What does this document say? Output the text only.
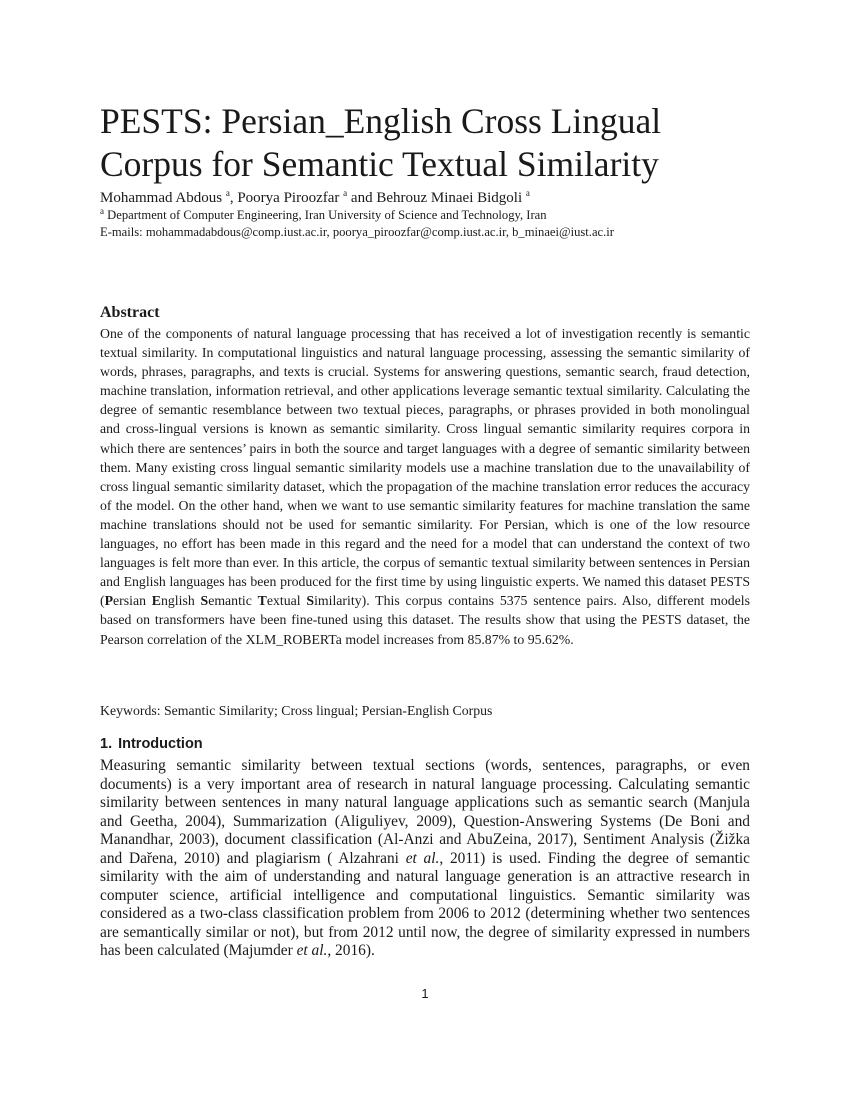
PESTS: Persian_English Cross Lingual
Corpus for Semantic Textual Similarity
Mohammad Abdous $^a$, Poorya Piroozfar $^a$ and Behrouz Minaei Bidgoli $^a$
$^a$ Department of Computer Engineering, Iran University of Science and Technology, Iran
E-mails: mohammadabdous@comp.iust.ac.ir, poorya_piroozfar@comp.iust.ac.ir, b_minaei@iust.ac.ir
Abstract

One of the components of natural language processing that has received a lot of investigation recently is semantic textual similarity. In computational linguistics and natural language processing, assessing the semantic similarity of words, phrases, paragraphs, and texts is crucial. Systems for answering questions, semantic search, fraud detection, machine translation, information retrieval, and other applications leverage semantic textual similarity. Calculating the degree of semantic resemblance between two textual pieces, paragraphs, or phrases provided in both monolingual and cross-lingual versions is known as semantic similarity. Cross lingual semantic similarity requires corpora in which there are sentences’ pairs in both the source and target languages with a degree of semantic similarity between them. Many existing cross lingual semantic similarity models use a machine translation due to the unavailability of cross lingual semantic similarity dataset, which the propagation of the machine translation error reduces the accuracy of the model. On the other hand, when we want to use semantic similarity features for machine translation the same machine translations should not be used for semantic similarity. For Persian, which is one of the low resource languages, no effort has been made in this regard and the need for a model that can understand the context of two languages is felt more than ever. In this article, the corpus of semantic textual similarity between sentences in Persian and English languages has been produced for the first time by using linguistic experts. We named this dataset PESTS (Persian English Semantic Textual Similarity). This corpus contains 5375 sentence pairs. Also, different models based on transformers have been fine-tuned using this dataset. The results show that using the PESTS dataset, the Pearson correlation of the XLM_ROBERTa model increases from 85.87% to 95.62%.

Keywords: Semantic Similarity; Cross lingual; Persian-English Corpus

1. Introduction

Measuring semantic similarity between textual sections (words, sentences, paragraphs, or even documents) is a very important area of research in natural language processing. Calculating semantic similarity between sentences in many natural language applications such as semantic search (Manjula and Geetha, 2004), Summarization (Aliguliyev, 2009), Question-Answering Systems (De Boni and Manandhar, 2003), document classification (Al-Anzi and AbuZeina, 2017), Sentiment Analysis (Žižka and Dařena, 2010) and plagiarism ( Alzahrani et al., 2011) is used. Finding the degree of semantic similarity with the aim of understanding and natural language generation is an attractive research in computer science, artificial intelligence and computational linguistics. Semantic similarity was considered as a two-class classification problem from 2006 to 2012 (determining whether two sentences are semantically similar or not), but from 2012 until now, the degree of similarity expressed in numbers has been calculated (Majumder et al., 2016).

1
